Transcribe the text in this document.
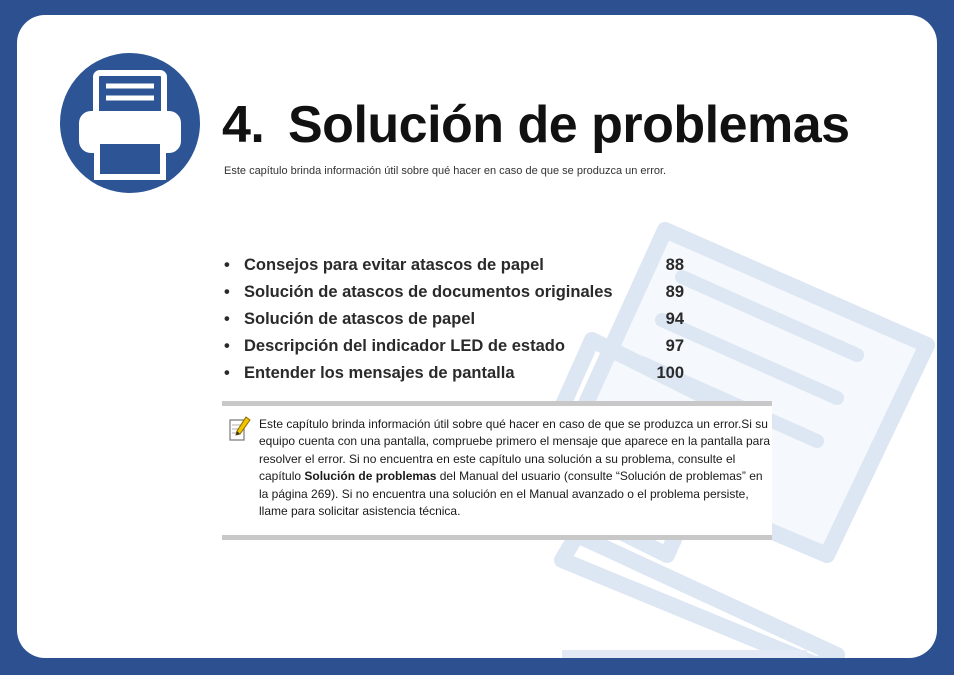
4. Solución de problemas

Este capítulo brinda información útil sobre qué hacer en caso de que se produzca un error.

• Consejos para evitar atascos de papel	88
• Solución de atascos de documentos originales	89
• Solución de atascos de papel	94
• Descripción del indicador LED de estado	97
• Entender los mensajes de pantalla	100

Este capítulo brinda información útil sobre qué hacer en caso de que se produzca un error.Si su equipo cuenta con una pantalla, compruebe primero el mensaje que aparece en la pantalla para resolver el error. Si no encuentra en este capítulo una solución a su problema, consulte el capítulo Solución de problemas del Manual del usuario (consulte “Solución de problemas” en la página 269). Si no encuentra una solución en el Manual avanzado o el problema persiste, llame para solicitar asistencia técnica.
